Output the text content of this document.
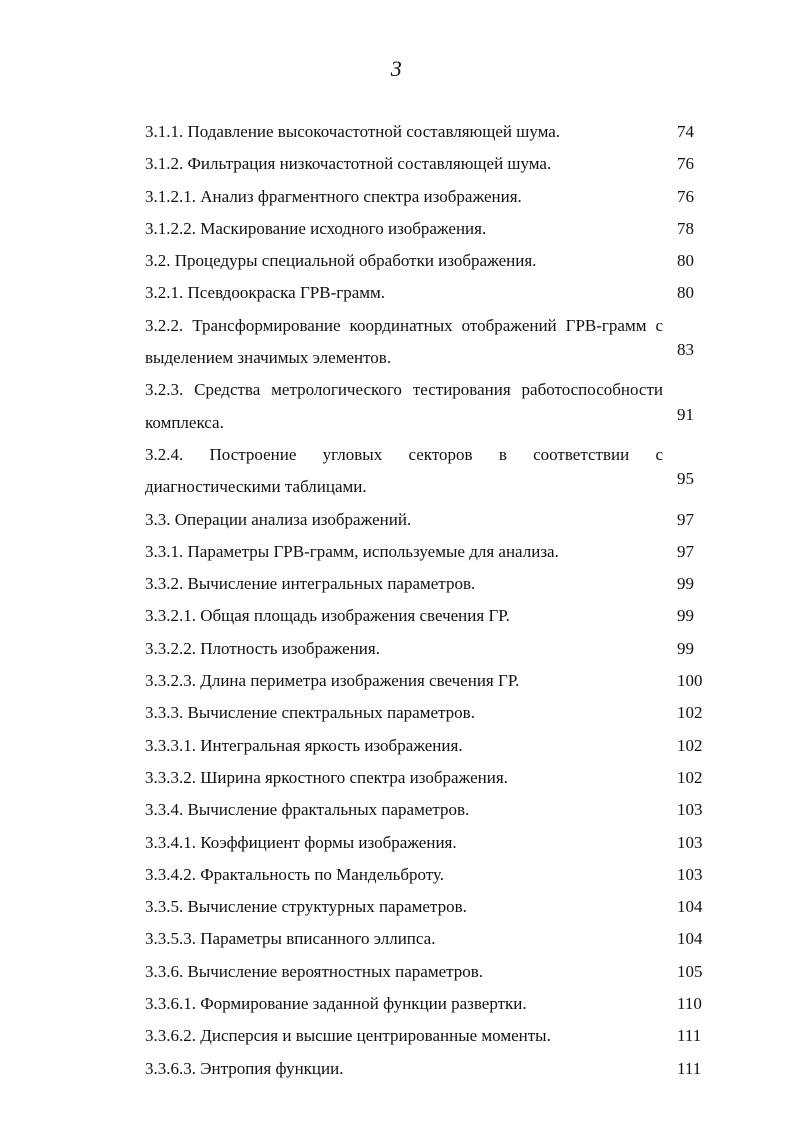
3
3.1.1. Подавление высокочастотной составляющей шума.	74
3.1.2. Фильтрация низкочастотной составляющей шума.	76
3.1.2.1. Анализ фрагментного спектра изображения.	76
3.1.2.2. Маскирование исходного изображения.	78
3.2. Процедуры специальной обработки изображения.	80
3.2.1. Псевдоокраска ГРВ-грамм.	80
3.2.2. Трансформирование координатных отображений ГРВ-грамм с выделением значимых элементов.	83
3.2.3. Средства метрологического тестирования работоспособности комплекса.	91
3.2.4. Построение угловых секторов в соответствии с диагностическими таблицами.	95
3.3. Операции анализа изображений.	97
3.3.1. Параметры ГРВ-грамм, используемые для анализа.	97
3.3.2. Вычисление интегральных параметров.	99
3.3.2.1. Общая площадь изображения свечения ГР.	99
3.3.2.2. Плотность изображения.	99
3.3.2.3. Длина периметра изображения свечения ГР.	100
3.3.3. Вычисление спектральных параметров.	102
3.3.3.1. Интегральная яркость изображения.	102
3.3.3.2. Ширина яркостного спектра изображения.	102
3.3.4. Вычисление фрактальных параметров.	103
3.3.4.1. Коэффициент формы изображения.	103
3.3.4.2. Фрактальность по Мандельброту.	103
3.3.5. Вычисление структурных параметров.	104
3.3.5.3. Параметры вписанного эллипса.	104
3.3.6. Вычисление вероятностных параметров.	105
3.3.6.1. Формирование заданной функции развертки.	110
3.3.6.2. Дисперсия и высшие центрированные моменты.	111
3.3.6.3. Энтропия функции.	111
